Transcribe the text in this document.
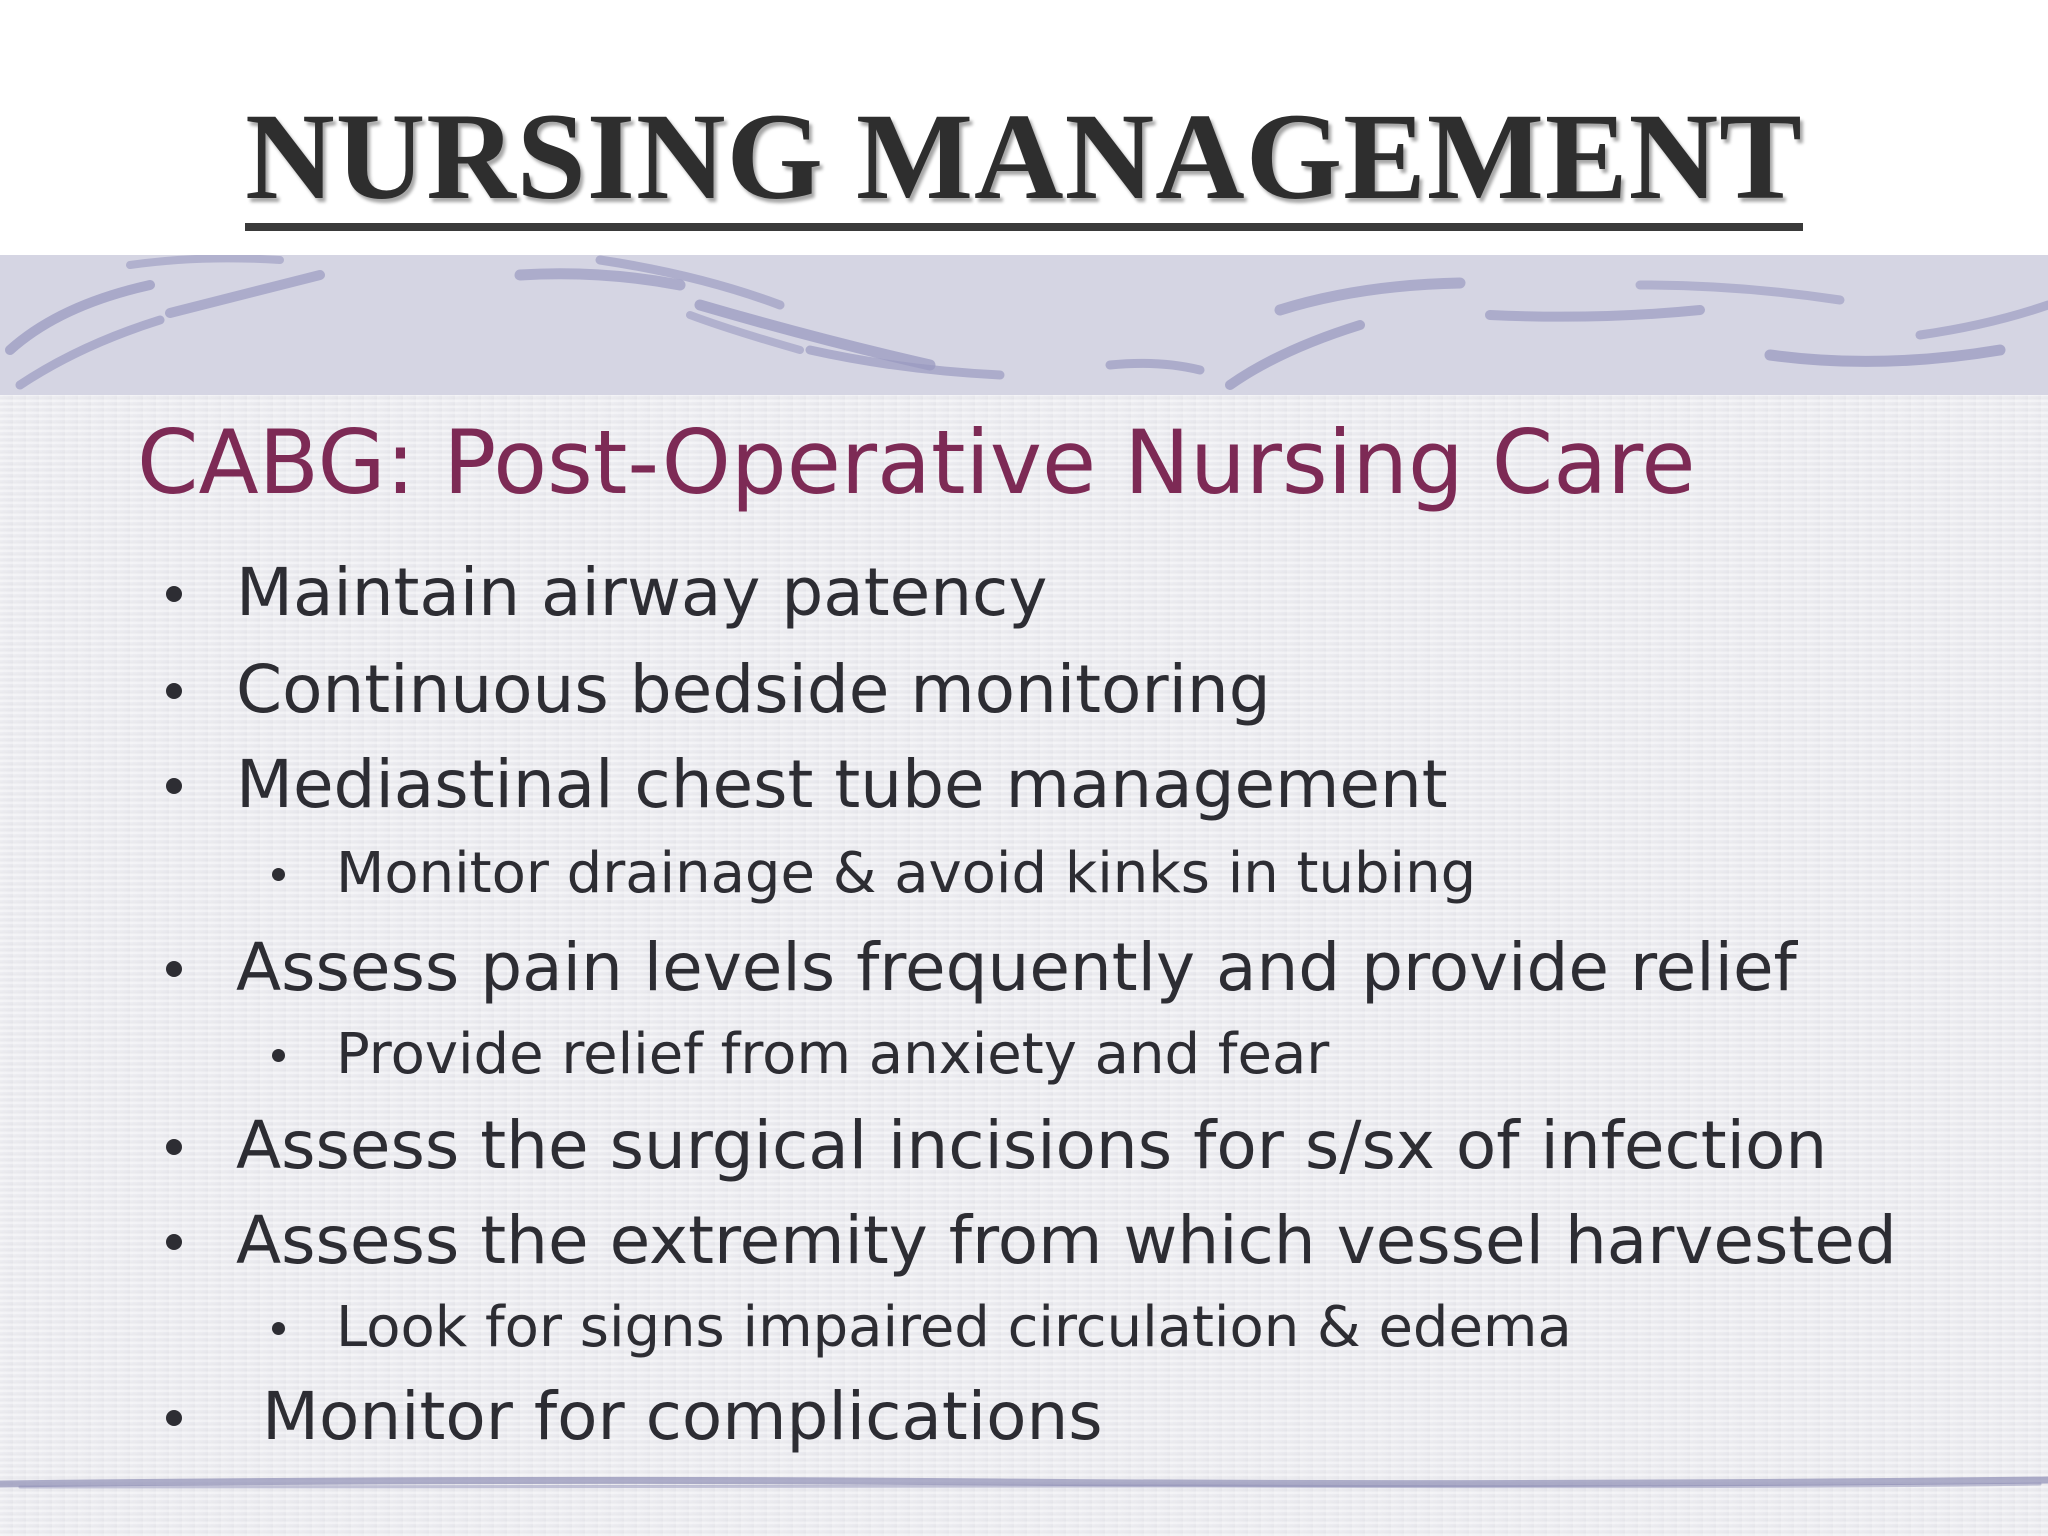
NURSING MANAGEMENT
CABG: Post-Operative Nursing Care
Maintain airway patency
Continuous bedside monitoring
Mediastinal chest tube management
Monitor drainage & avoid kinks in tubing
Assess pain levels frequently and provide relief
Provide relief from anxiety and fear
Assess the surgical incisions for s/sx of infection
Assess the extremity from which vessel harvested
Look for signs impaired circulation & edema
Monitor for complications
